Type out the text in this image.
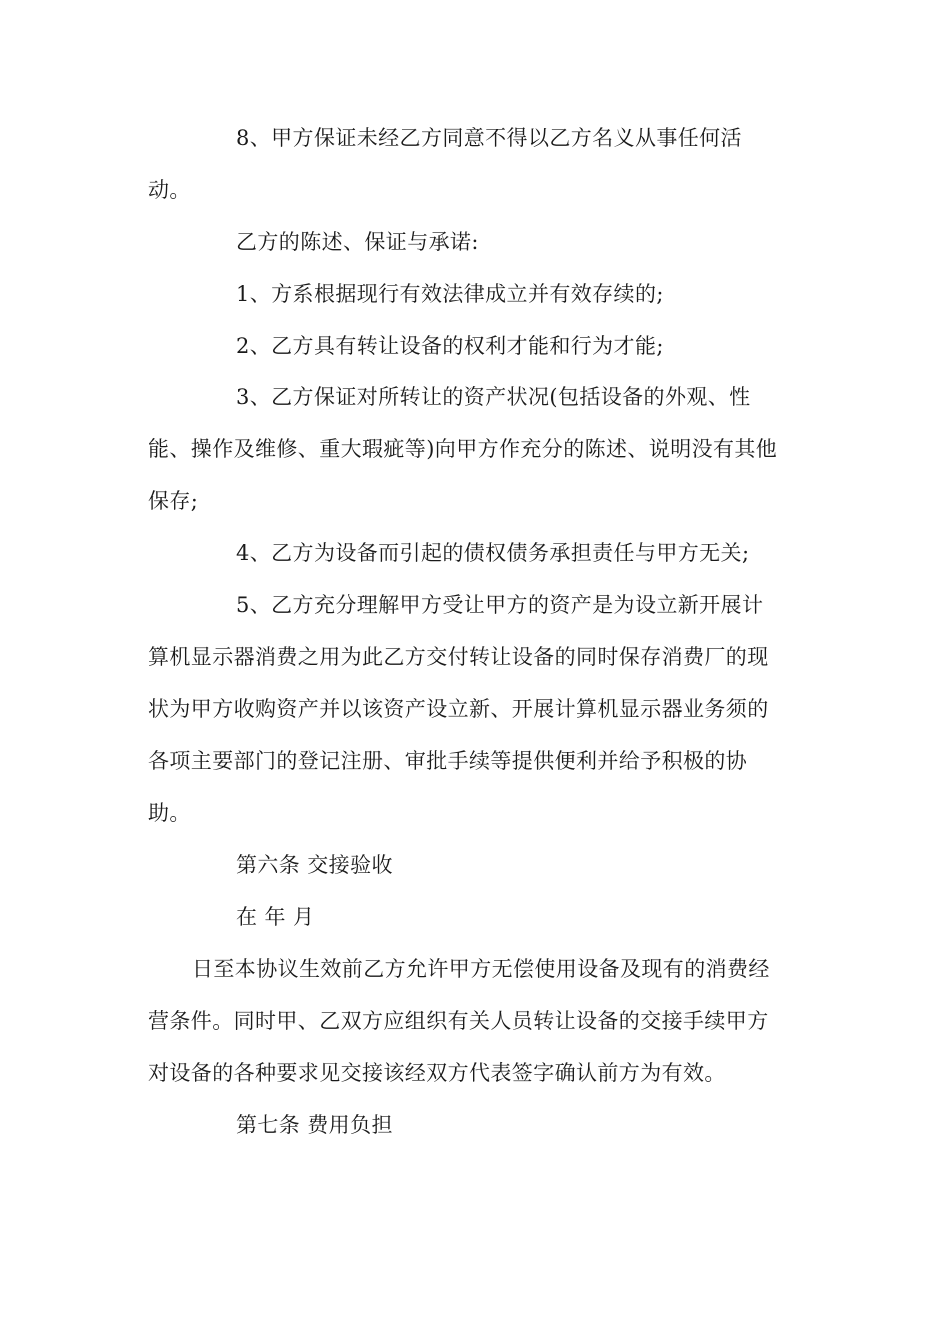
8、甲方保证未经乙方同意不得以乙方名义从事任何活
动。
乙方的陈述、保证与承诺:
1、方系根据现行有效法律成立并有效存续的;
2、乙方具有转让设备的权利才能和行为才能;
3、乙方保证对所转让的资产状况(包括设备的外观、性
能、操作及维修、重大瑕疵等)向甲方作充分的陈述、说明没有其他
保存;
4、乙方为设备而引起的债权债务承担责任与甲方无关;
5、乙方充分理解甲方受让甲方的资产是为设立新开展计
算机显示器消费之用为此乙方交付转让设备的同时保存消费厂的现
状为甲方收购资产并以该资产设立新、开展计算机显示器业务须的
各项主要部门的登记注册、审批手续等提供便利并给予积极的协
助。
第六条 交接验收
在 年 月
日至本协议生效前乙方允许甲方无偿使用设备及现有的消费经
营条件。同时甲、乙双方应组织有关人员转让设备的交接手续甲方
对设备的各种要求见交接该经双方代表签字确认前方为有效。
第七条 费用负担
